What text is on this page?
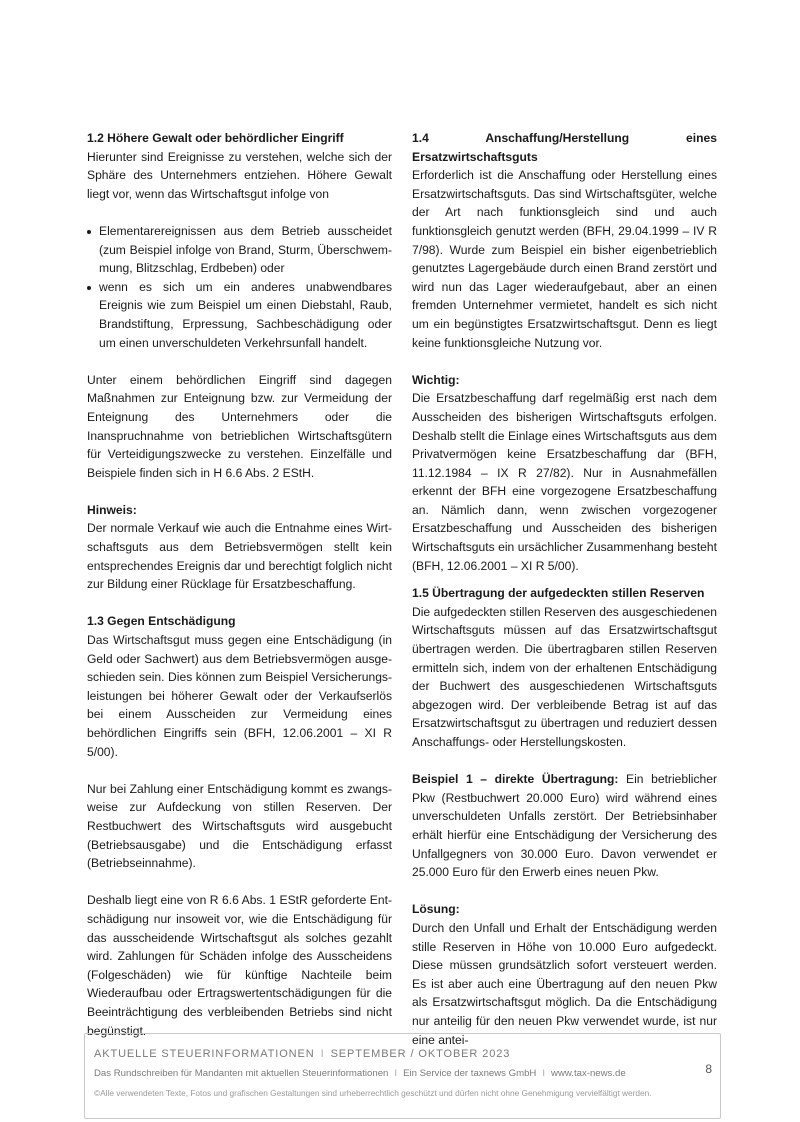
1.2 Höhere Gewalt oder behördlicher Eingriff

Hierunter sind Ereignisse zu verstehen, welche sich der Sphäre des Unternehmers entziehen. Höhere Gewalt liegt vor, wenn das Wirtschaftsgut infolge von

Elementarereignissen aus dem Betrieb ausscheidet (zum Beispiel infolge von Brand, Sturm, Überschwemmung, Blitzschlag, Erdbeben) oder
wenn es sich um ein anderes unabwendbares Ereignis wie zum Beispiel um einen Diebstahl, Raub, Brandstiftung, Erpressung, Sachbeschädigung oder um einen unverschuldeten Verkehrsunfall handelt.

Unter einem behördlichen Eingriff sind dagegen Maßnahmen zur Enteignung bzw. zur Vermeidung der Enteignung des Unternehmers oder die Inanspruchnahme von betrieblichen Wirtschaftsgütern für Verteidigungszwecke zu verstehen. Einzelfälle und Beispiele finden sich in H 6.6 Abs. 2 EStH.

Hinweis:

Der normale Verkauf wie auch die Entnahme eines Wirtschaftsguts aus dem Betriebsvermögen stellt kein entsprechendes Ereignis dar und berechtigt folglich nicht zur Bildung einer Rücklage für Ersatzbeschaffung.

1.3 Gegen Entschädigung

Das Wirtschaftsgut muss gegen eine Entschädigung (in Geld oder Sachwert) aus dem Betriebsvermögen ausgeschieden sein. Dies können zum Beispiel Versicherungsleistungen bei höherer Gewalt oder der Verkaufserlös bei einem Ausscheiden zur Vermeidung eines behördlichen Eingriffs sein (BFH, 12.06.2001 – XI R 5/00).

Nur bei Zahlung einer Entschädigung kommt es zwangsweise zur Aufdeckung von stillen Reserven. Der Restbuchwert des Wirtschaftsguts wird ausgebucht (Betriebsausgabe) und die Entschädigung erfasst (Betriebseinnahme).

Deshalb liegt eine von R 6.6 Abs. 1 EStR geforderte Entschädigung nur insoweit vor, wie die Entschädigung für das ausscheidende Wirtschaftsgut als solches gezahlt wird. Zahlungen für Schäden infolge des Ausscheidens (Folgeschäden) wie für künftige Nachteile beim Wiederaufbau oder Ertragswertentschädigungen für die Beeinträchtigung des verbleibenden Betriebs sind nicht begünstigt.

1.4 Anschaffung/Herstellung eines Ersatzwirtschaftsguts

Erforderlich ist die Anschaffung oder Herstellung eines Ersatzwirtschaftsguts. Das sind Wirtschaftsgüter, welche der Art nach funktionsgleich sind und auch funktionsgleich genutzt werden (BFH, 29.04.1999 – IV R 7/98). Wurde zum Beispiel ein bisher eigenbetrieblich genutztes Lagergebäude durch einen Brand zerstört und wird nun das Lager wiederaufgebaut, aber an einen fremden Unternehmer vermietet, handelt es sich nicht um ein begünstigtes Ersatzwirtschaftsgut. Denn es liegt keine funktionsgleiche Nutzung vor.

Wichtig:

Die Ersatzbeschaffung darf regelmäßig erst nach dem Ausscheiden des bisherigen Wirtschaftsguts erfolgen. Deshalb stellt die Einlage eines Wirtschaftsguts aus dem Privatvermögen keine Ersatzbeschaffung dar (BFH, 11.12.1984 – IX R 27/82). Nur in Ausnahmefällen erkennt der BFH eine vorgezogene Ersatzbeschaffung an. Nämlich dann, wenn zwischen vorgezogener Ersatzbeschaffung und Ausscheiden des bisherigen Wirtschaftsguts ein ursächlicher Zusammenhang besteht (BFH, 12.06.2001 – XI R 5/00).

1.5 Übertragung der aufgedeckten stillen Reserven

Die aufgedeckten stillen Reserven des ausgeschiedenen Wirtschaftsguts müssen auf das Ersatzwirtschaftsgut übertragen werden. Die übertragbaren stillen Reserven ermitteln sich, indem von der erhaltenen Entschädigung der Buchwert des ausgeschiedenen Wirtschaftsguts abgezogen wird. Der verbleibende Betrag ist auf das Ersatzwirtschaftsgut zu übertragen und reduziert dessen Anschaffungs- oder Herstellungskosten.

Beispiel 1 – direkte Übertragung: Ein betrieblicher Pkw (Restbuchwert 20.000 Euro) wird während eines unverschuldeten Unfalls zerstört. Der Betriebsinhaber erhält hierfür eine Entschädigung der Versicherung des Unfallgegners von 30.000 Euro. Davon verwendet er 25.000 Euro für den Erwerb eines neuen Pkw.

Lösung:

Durch den Unfall und Erhalt der Entschädigung werden stille Reserven in Höhe von 10.000 Euro aufgedeckt. Diese müssen grundsätzlich sofort versteuert werden. Es ist aber auch eine Übertragung auf den neuen Pkw als Ersatzwirtschaftsgut möglich. Da die Entschädigung nur anteilig für den neuen Pkw verwendet wurde, ist nur eine antei-

AKTUELLE STEUERINFORMATIONEN I SEPTEMBER / OKTOBER 2023
Das Rundschreiben für Mandanten mit aktuellen Steuerinformationen I Ein Service der taxnews GmbH I www.tax-news.de
©Alle verwendeten Texte, Fotos und grafischen Gestaltungen sind urheberrechtlich geschützt und dürfen nicht ohne Genehmigung vervielfältigt werden.
8
